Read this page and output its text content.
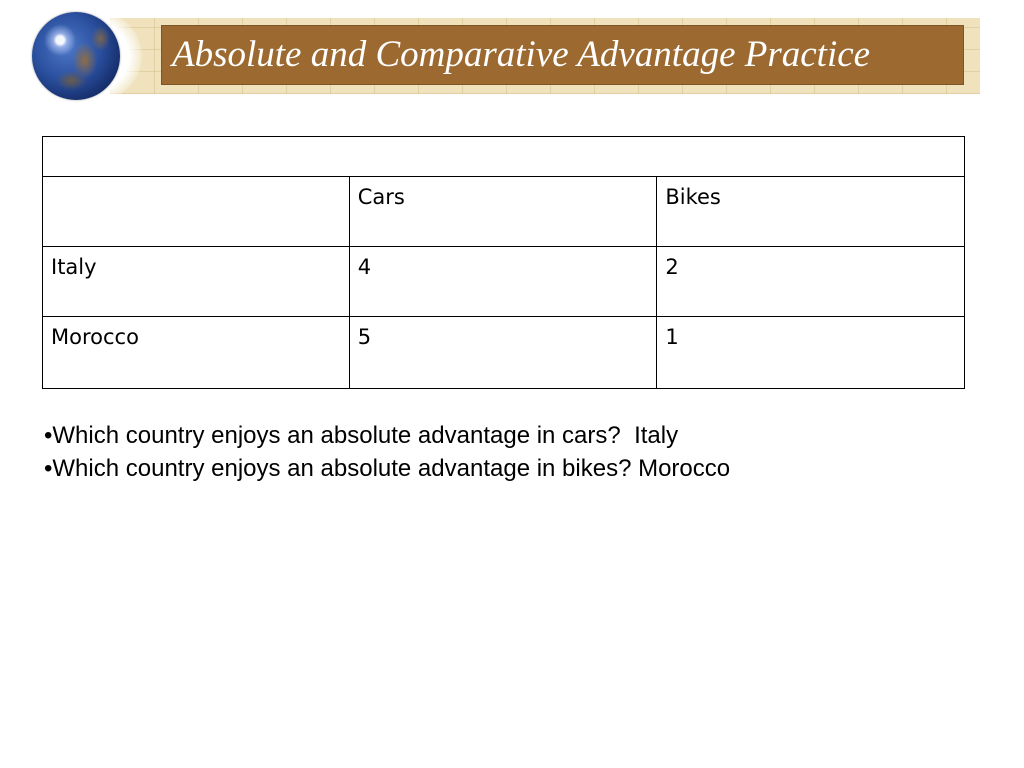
Absolute and Comparative Advantage Practice

	Cars	Bikes
Italy	4	2
Morocco	5	1
•Which country enjoys an absolute advantage in cars?  Italy
•Which country enjoys an absolute advantage in bikes? Morocco
